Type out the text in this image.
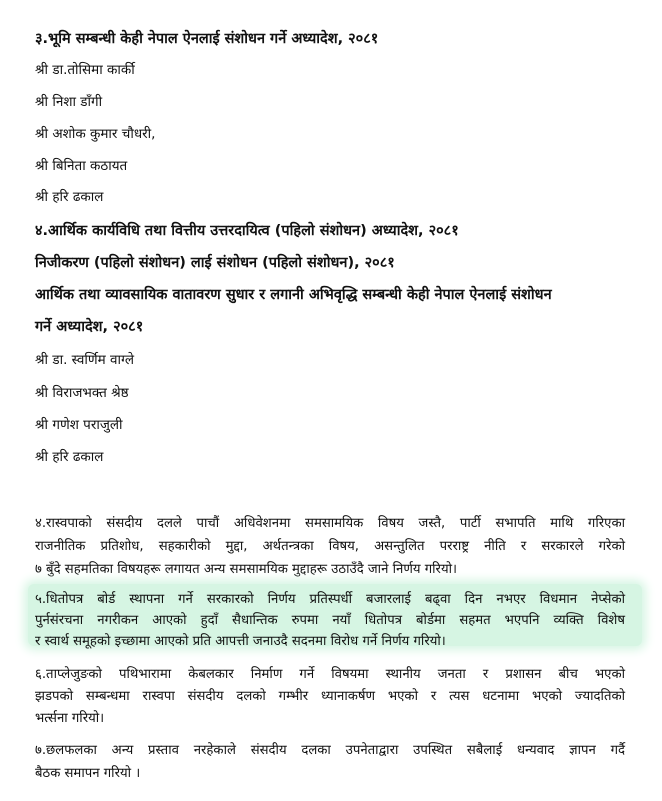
३.भूमि सम्बन्धी केही नेपाल ऐनलाई संशोधन गर्ने अध्यादेश, २०८१
श्री डा.तोसिमा कार्की
श्री निशा डाँगी
श्री अशोक कुमार चौधरी,
श्री बिनिता कठायत
श्री हरि ढकाल
४.आर्थिक कार्यविधि तथा वित्तीय उत्तरदायित्व (पहिलो संशोधन) अध्यादेश, २०८१
निजीकरण (पहिलो संशोधन) लाई संशोधन (पहिलो संशोधन), २०८१
आर्थिक तथा व्यावसायिक वातावरण सुधार र लगानी अभिवृद्धि सम्बन्धी केही नेपाल ऐनलाई संशोधन
गर्ने अध्यादेश, २०८१
श्री डा. स्वर्णिम वाग्ले
श्री विराजभक्त श्रेष्ठ
श्री गणेश पराजुली
श्री हरि ढकाल
४.रास्वपाको संसदीय दलले पाचौं अधिवेशनमा समसामयिक विषय जस्तै, पार्टी सभापति माथि गरिएका
राजनीतिक प्रतिशोध, सहकारीको मुद्दा, अर्थतन्त्रका विषय, असन्तुलित परराष्ट्र नीति र सरकारले गरेको
७ बुँदे सहमतिका विषयहरू लगायत अन्य समसामयिक मुद्दाहरू उठाउँदै जाने निर्णय गरियो।
५.धितोपत्र बोर्ड स्थापना गर्ने सरकारको निर्णय प्रतिस्पर्धी बजारलाई बढ्वा दिन नभएर विधमान नेप्सेको
पुर्नसंरचना नगरीकन आएको हुदाँ सैधान्तिक रुपमा नयाँ धितोपत्र बोर्डमा सहमत भएपनि व्यक्ति विशेष
र स्वार्थ समूहको इच्छामा आएको प्रति आपत्ती जनाउदै सदनमा विरोध गर्ने निर्णय गरियो।
६.ताप्लेजुङको पथिभारामा केबलकार निर्माण गर्ने विषयमा स्थानीय जनता र प्रशासन बीच भएको
झडपको सम्बन्धमा रास्वपा संसदीय दलको गम्भीर ध्यानाकर्षण भएको र त्यस धटनामा भएको ज्यादतिको
भर्त्सना गरियो।
७.छलफलका अन्य प्रस्ताव नरहेकाले संसदीय दलका उपनेताद्वारा उपस्थित सबैलाई धन्यवाद ज्ञापन गर्दै
बैठक समापन गरियो ।
